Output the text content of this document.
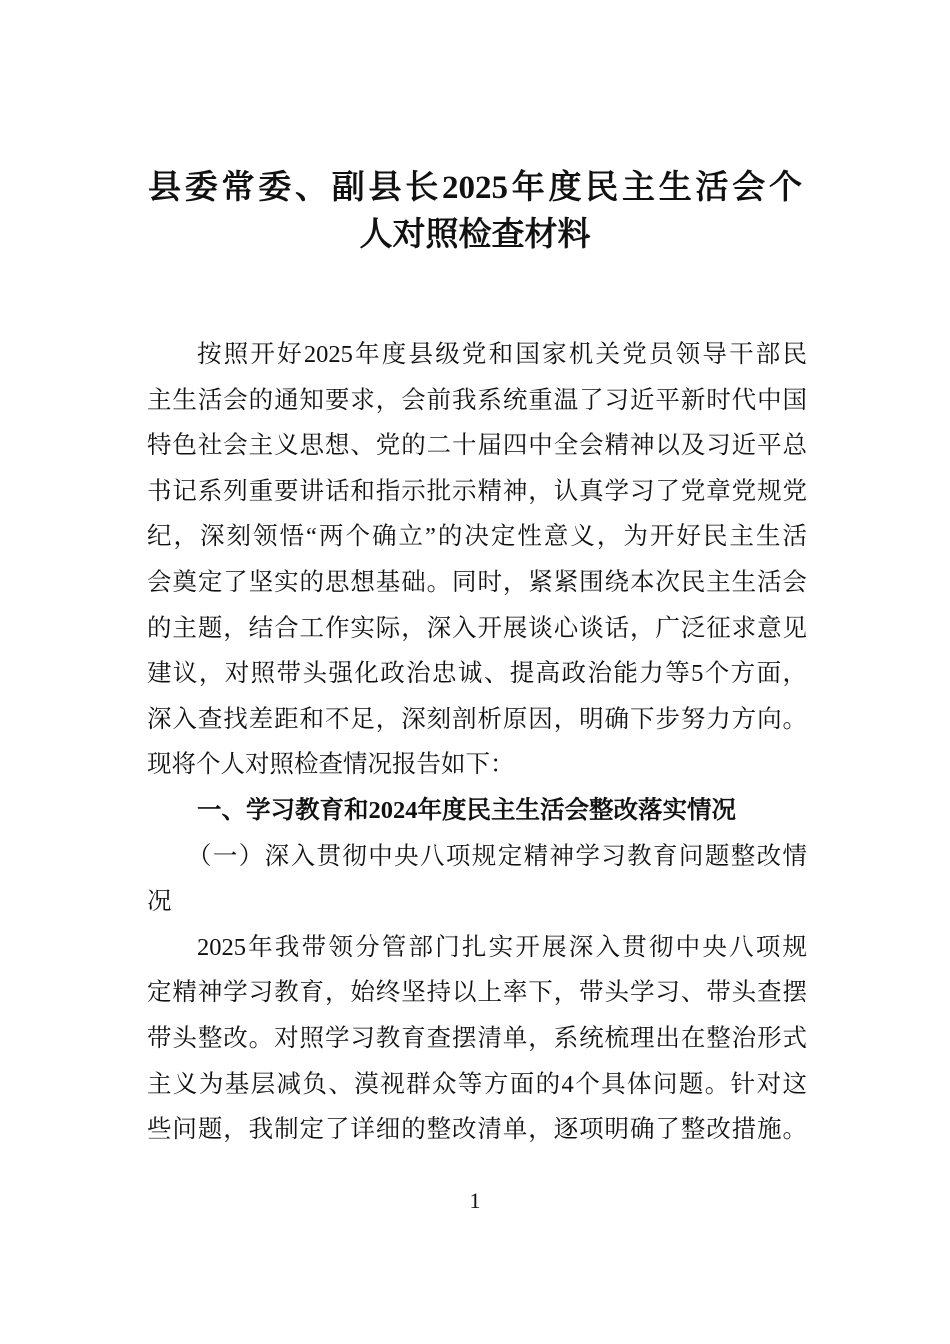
县委常委、副县长2025年度民主生活会个
人对照检查材料
按照开好2025年度县级党和国家机关党员领导干部民
主生活会的通知要求，会前我系统重温了习近平新时代中国
特色社会主义思想、党的二十届四中全会精神以及习近平总
书记系列重要讲话和指示批示精神，认真学习了党章党规党
纪，深刻领悟“两个确立”的决定性意义，为开好民主生活
会奠定了坚实的思想基础。同时，紧紧围绕本次民主生活会
的主题，结合工作实际，深入开展谈心谈话，广泛征求意见
建议，对照带头强化政治忠诚、提高政治能力等5个方面，
深入查找差距和不足，深刻剖析原因，明确下步努力方向。
现将个人对照检查情况报告如下：
一、学习教育和2024年度民主生活会整改落实情况
（一）深入贯彻中央八项规定精神学习教育问题整改情
况
2025年我带领分管部门扎实开展深入贯彻中央八项规
定精神学习教育，始终坚持以上率下，带头学习、带头查摆
带头整改。对照学习教育查摆清单，系统梳理出在整治形式
主义为基层减负、漠视群众等方面的4个具体问题。针对这
些问题，我制定了详细的整改清单，逐项明确了整改措施。
1
